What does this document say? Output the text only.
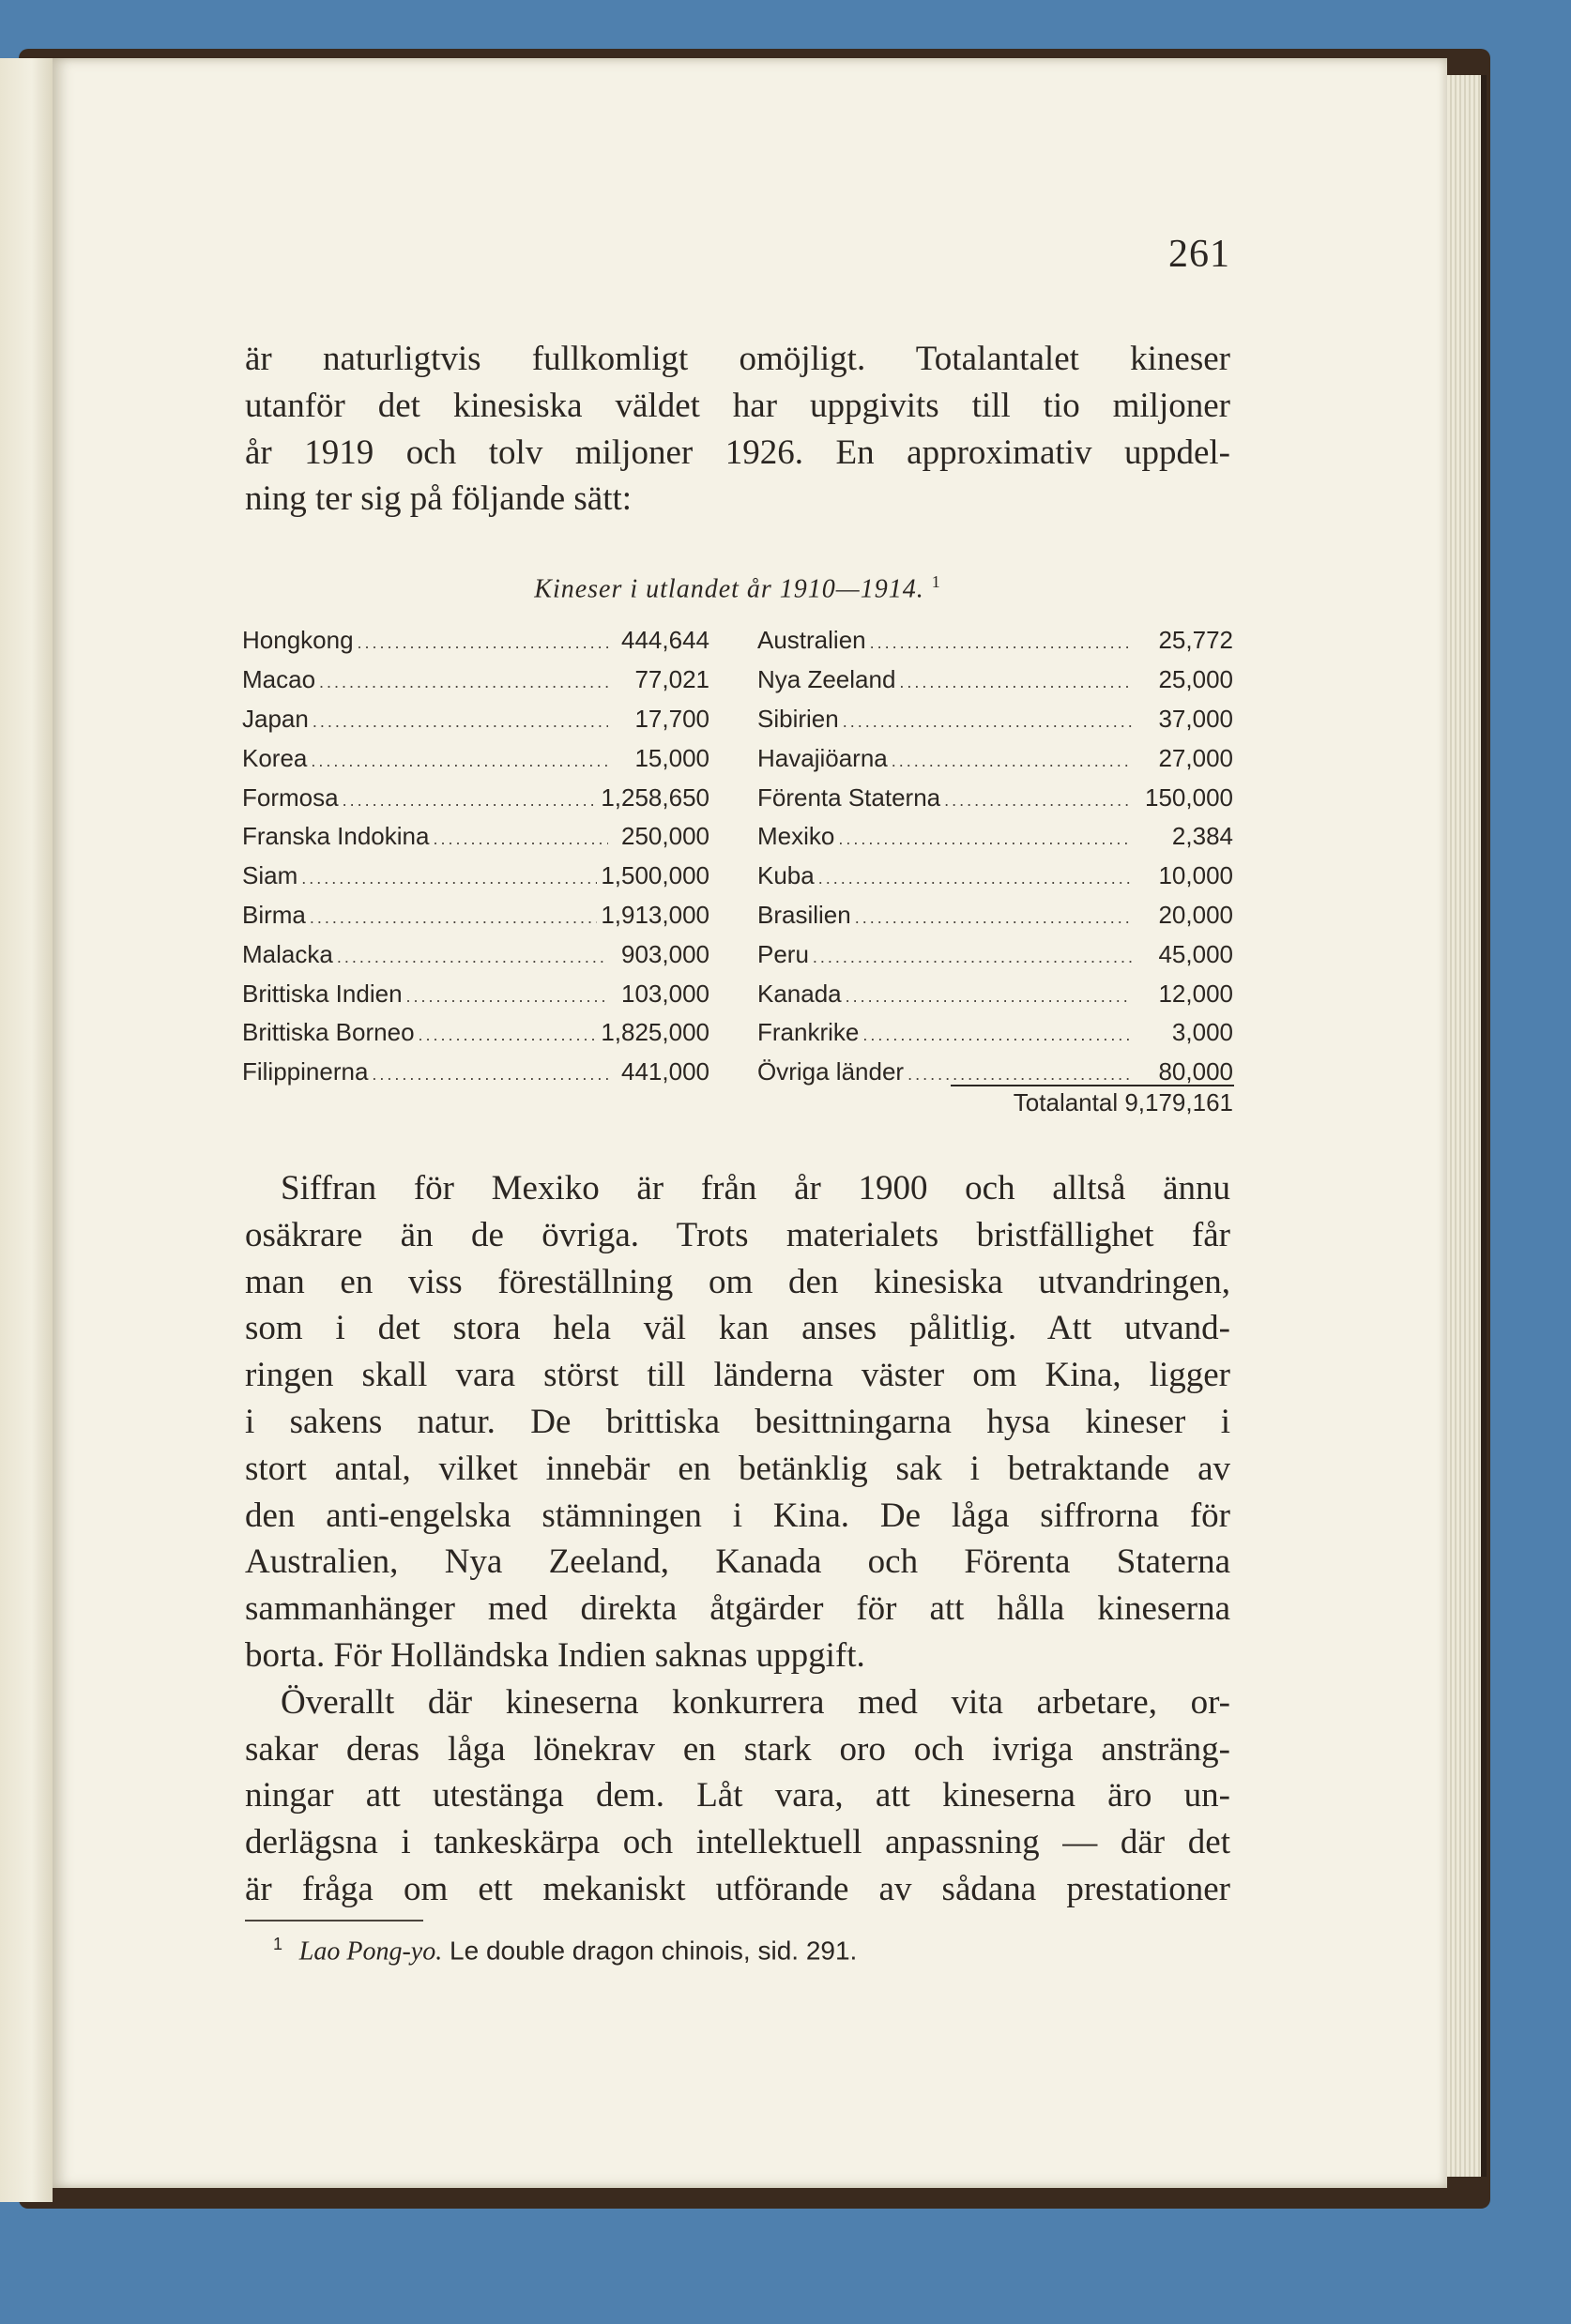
261

är naturligtvis fullkomligt omöjligt. Totalantalet kineser

utanför det kinesiska väldet har uppgivits till tio miljoner

år 1919 och tolv miljoner 1926. En approximativ uppdel-

ning ter sig på följande sätt:

Kineser i utlandet år 1910—1914. $^1$
Hongkong .....	444,644 Australien .....	25,772
Macao .....	77,021 Nya Zeeland .....	25,000
Japan .....	17,700 Sibirien .....	37,000
Korea .....	15,000 Havajiöarna .....	27,000
Formosa .....	1,258,650 Förenta Staterna .....	150,000
Franska Indokina .....	250,000 Mexiko .....	2,384
Siam .....	1,500,000 Kuba .....	10,000
Birma .....	1,913,000 Brasilien .....	20,000
Malacka .....	903,000 Peru .....	45,000
Brittiska Indien .....	103,000 Kanada .....	12,000
Brittiska Borneo .....	1,825,000 Frankrike .....	3,000
Filippinerna .....	441,000 Övriga länder .....	80,000
Totalantal 9,179,161

Siffran för Mexiko är från år 1900 och alltså ännu

osäkrare än de övriga. Trots materialets bristfällighet får

man en viss föreställning om den kinesiska utvandringen,

som i det stora hela väl kan anses pålitlig. Att utvand-

ringen skall vara störst till länderna väster om Kina, ligger

i sakens natur. De brittiska besittningarna hysa kineser i

stort antal, vilket innebär en betänklig sak i betraktande av

den anti-engelska stämningen i Kina. De låga siffrorna för

Australien, Nya Zeeland, Kanada och Förenta Staterna

sammanhänger med direkta åtgärder för att hålla kineserna

borta. För Holländska Indien saknas uppgift.

Överallt där kineserna konkurrera med vita arbetare, or-

sakar deras låga lönekrav en stark oro och ivriga ansträng-

ningar att utestänga dem. Låt vara, att kineserna äro un-

derlägsna i tankeskärpa och intellektuell anpassning — där det

är fråga om ett mekaniskt utförande av sådana prestationer

$^1$ Lao Pong-yo. Le double dragon chinois, sid. 291.
